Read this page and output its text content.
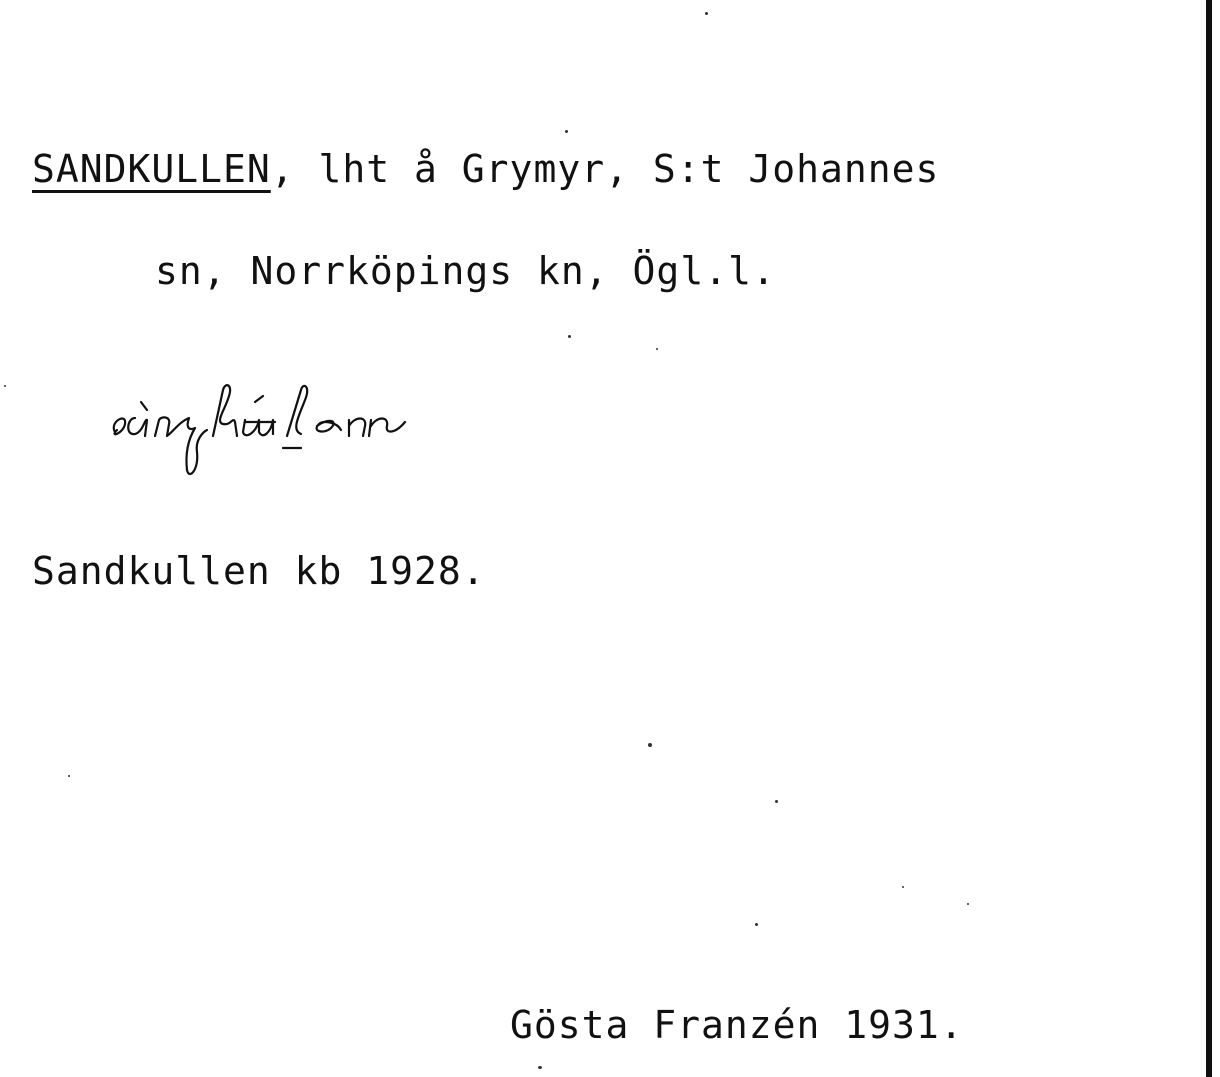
SANDKULLEN, lht å Grymyr, S:t Johannes
sn, Norrköpings kn, Ögl.l.
Sandkullen kb 1928.
Gösta Franzén 1931.
